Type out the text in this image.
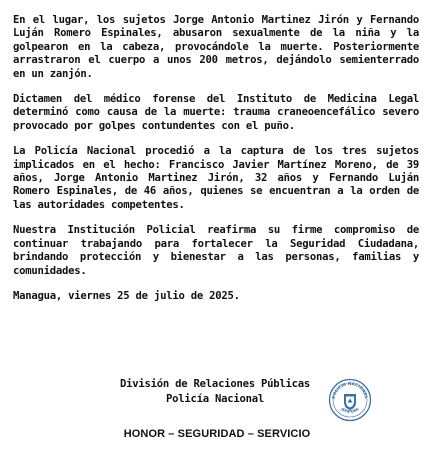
En el lugar, los sujetos Jorge Antonio Martinez Jirón y Fernando Luján Romero Espinales, abusaron sexualmente de la niña y la golpearon en la cabeza, provocándole la muerte. Posteriormente arrastraron el cuerpo a unos 200 metros, dejándolo semienterrado en un zanjón.

Dictamen del médico forense del Instituto de Medicina Legal determinó como causa de la muerte: trauma craneoencefálico severo provocado por golpes contundentes con el puño.

La Policía Nacional procedió a la captura de los tres sujetos implicados en el hecho: Francisco Javier Martínez Moreno, de 39 años, Jorge Antonio Martinez Jirón, 32 años y Fernando Luján Romero Espinales, de 46 años, quienes se encuentran a la orden de las autoridades competentes.

Nuestra Institución Policial reafirma su firme compromiso de continuar trabajando para fortalecer la Seguridad Ciudadana, brindando protección y bienestar a las personas, familias y comunidades.

Managua, viernes 25 de julio de 2025.

División de Relaciones Públicas
Policía Nacional	POLICÍA NACIONAL
JEFATURA
HONOR – SEGURIDAD – SERVICIO
